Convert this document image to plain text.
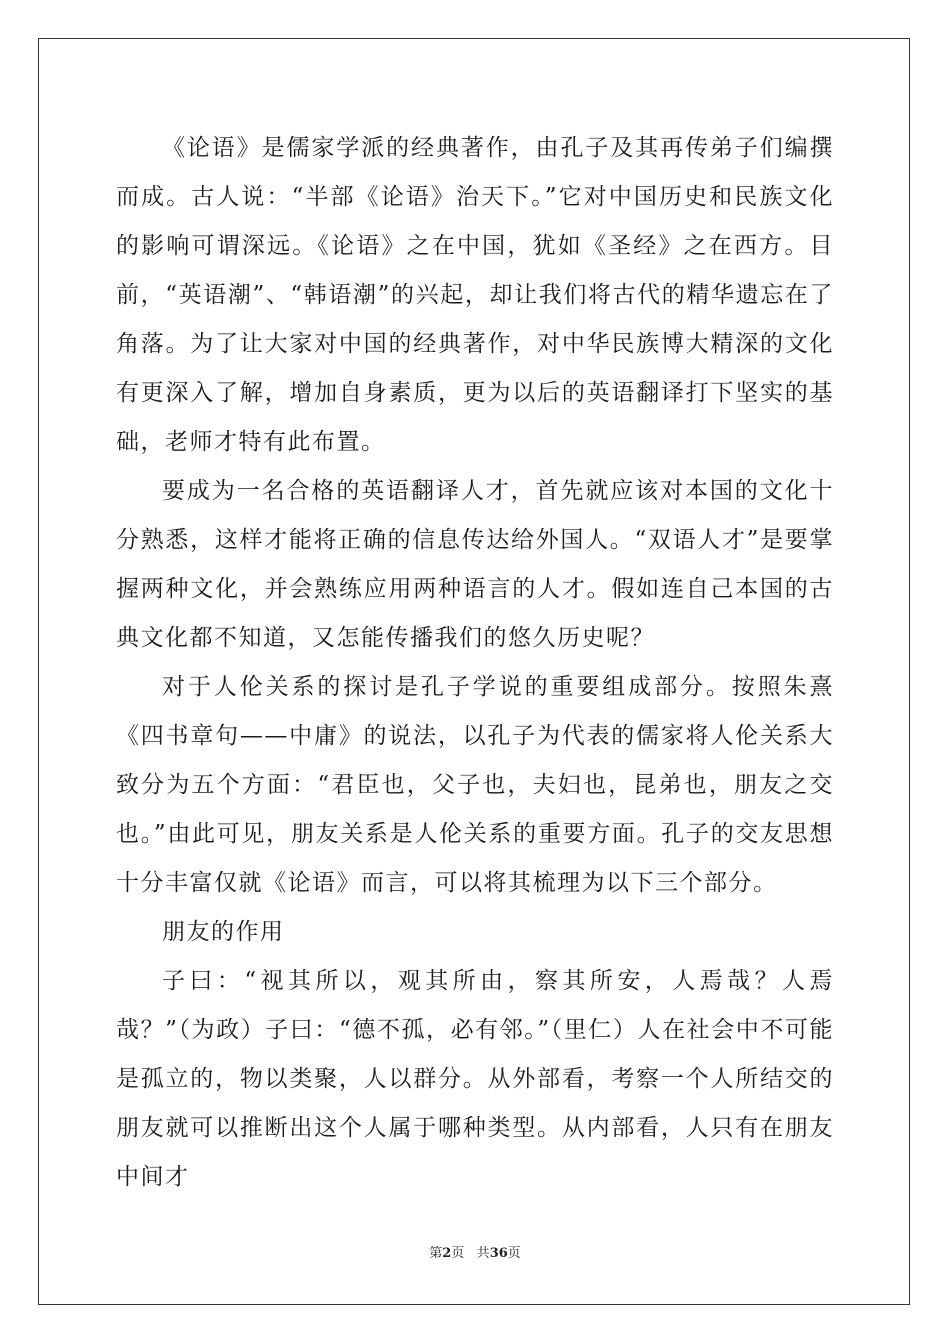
《论语》是儒家学派的经典著作，由孔子及其再传弟子们编撰而成。古人说：“半部《论语》治天下。”它对中国历史和民族文化的影响可谓深远。《论语》之在中国，犹如《圣经》之在西方。目前，“英语潮”、“韩语潮”的兴起，却让我们将古代的精华遗忘在了角落。为了让大家对中国的经典著作，对中华民族博大精深的文化有更深入了解，增加自身素质，更为以后的英语翻译打下坚实的基础，老师才特有此布置。

要成为一名合格的英语翻译人才，首先就应该对本国的文化十分熟悉，这样才能将正确的信息传达给外国人。“双语人才”是要掌握两种文化，并会熟练应用两种语言的人才。假如连自己本国的古典文化都不知道，又怎能传播我们的悠久历史呢？

对于人伦关系的探讨是孔子学说的重要组成部分。按照朱熹《四书章句——中庸》的说法，以孔子为代表的儒家将人伦关系大致分为五个方面：“君臣也，父子也，夫妇也，昆弟也，朋友之交也。”由此可见，朋友关系是人伦关系的重要方面。孔子的交友思想十分丰富仅就《论语》而言，可以将其梳理为以下三个部分。

朋友的作用

子曰：“视其所以，观其所由，察其所安，人焉哉？人焉哉？”（为政）子曰：“德不孤，必有邻。”（里仁）人在社会中不可能是孤立的，物以类聚，人以群分。从外部看，考察一个人所结交的朋友就可以推断出这个人属于哪种类型。从内部看，人只有在朋友中间才

第2页 共36页
